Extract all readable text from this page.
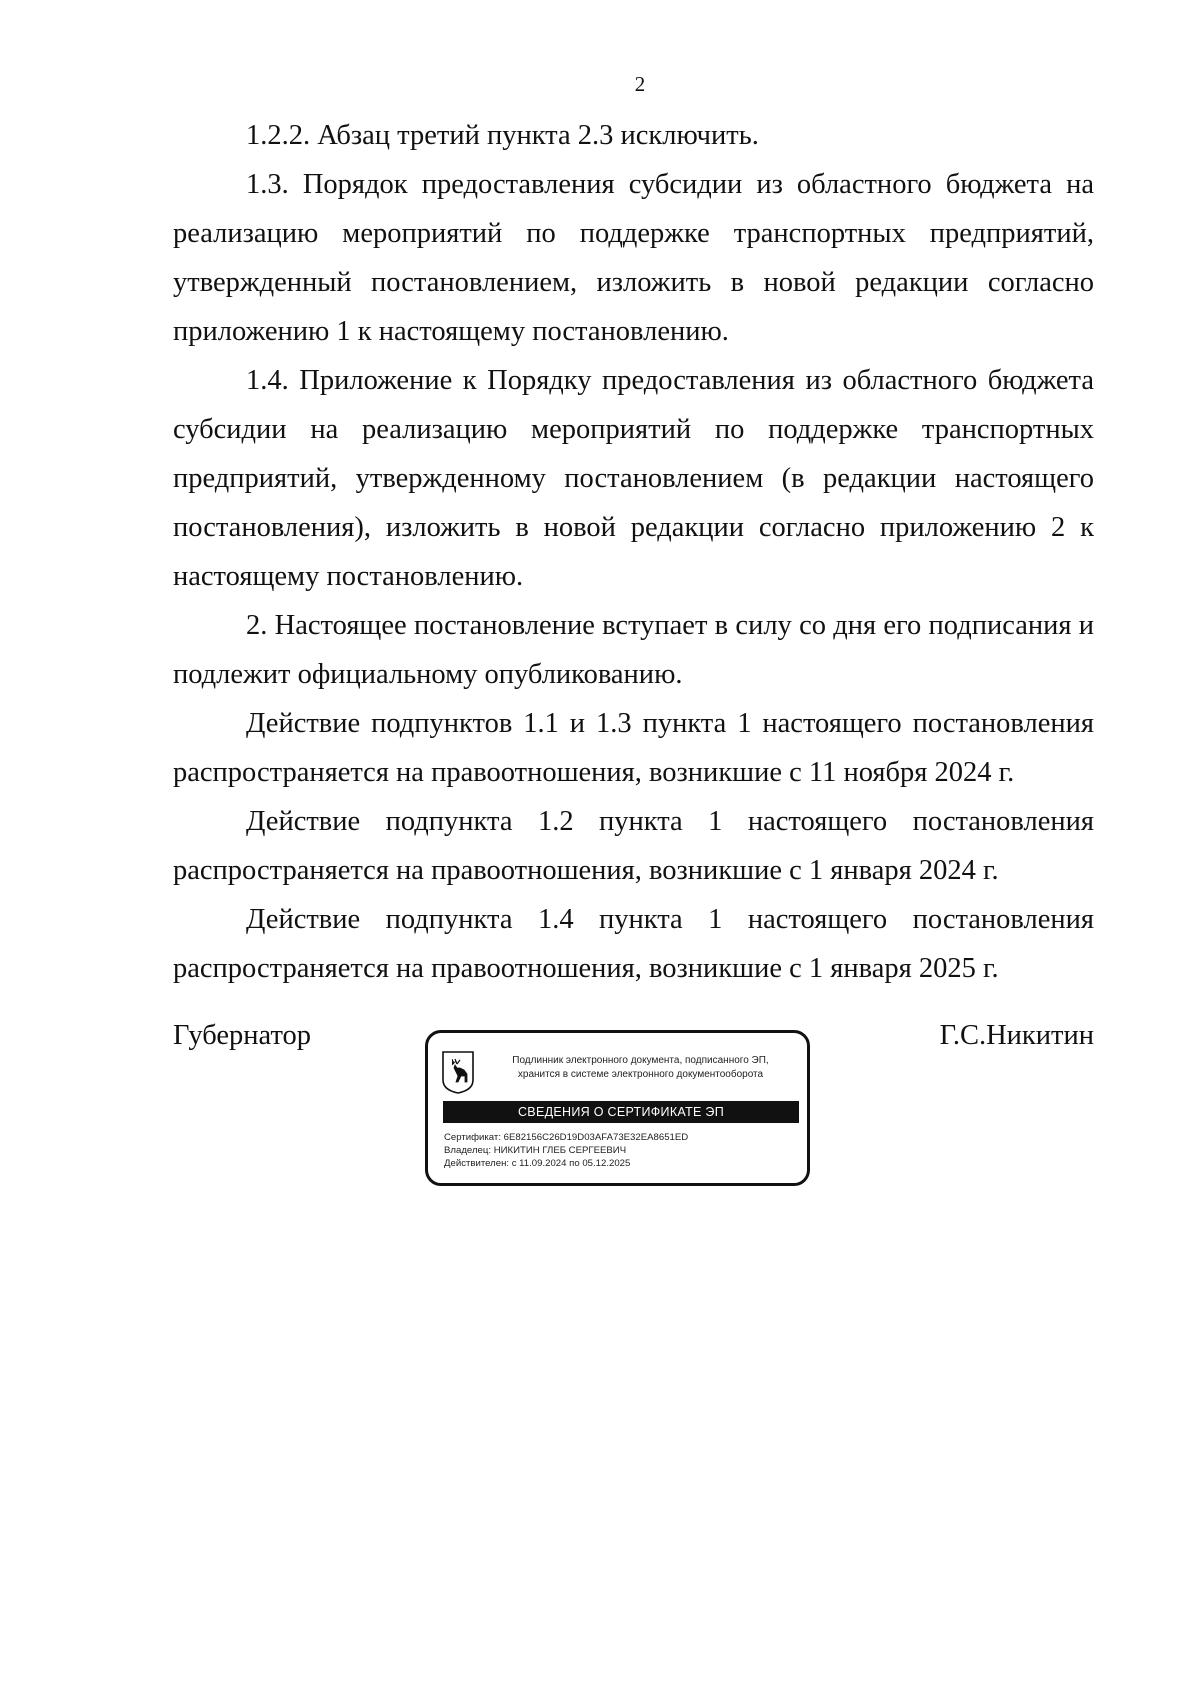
2

1.2.2. Абзац третий пункта 2.3 исключить.

1.3. Порядок предоставления субсидии из областного бюджета на реализацию мероприятий по поддержке транспортных предприятий, утвержденный постановлением, изложить в новой редакции согласно приложению 1 к настоящему постановлению.

1.4. Приложение к Порядку предоставления из областного бюджета субсидии на реализацию мероприятий по поддержке транспортных предприятий, утвержденному постановлением (в редакции настоящего постановления), изложить в новой редакции согласно приложению 2 к настоящему постановлению.

2. Настоящее постановление вступает в силу со дня его подписания и подлежит официальному опубликованию.

Действие подпунктов 1.1 и 1.3 пункта 1 настоящего постановления распространяется на правоотношения, возникшие с 11 ноября 2024 г.

Действие подпункта 1.2 пункта 1 настоящего постановления распространяется на правоотношения, возникшие с 1 января 2024 г.

Действие подпункта 1.4 пункта 1 настоящего постановления распространяется на правоотношения, возникшие с 1 января 2025 г.

Губернатор	Г.С.Никитин
Подлинник электронного документа, подписанного ЭП,
хранится в системе электронного документооборота
СВЕДЕНИЯ О СЕРТИФИКАТЕ ЭП
Сертификат: 6E82156C26D19D03AFA73E32EA8651ED
Владелец: НИКИТИН ГЛЕБ СЕРГЕЕВИЧ
Действителен: с 11.09.2024 по 05.12.2025
